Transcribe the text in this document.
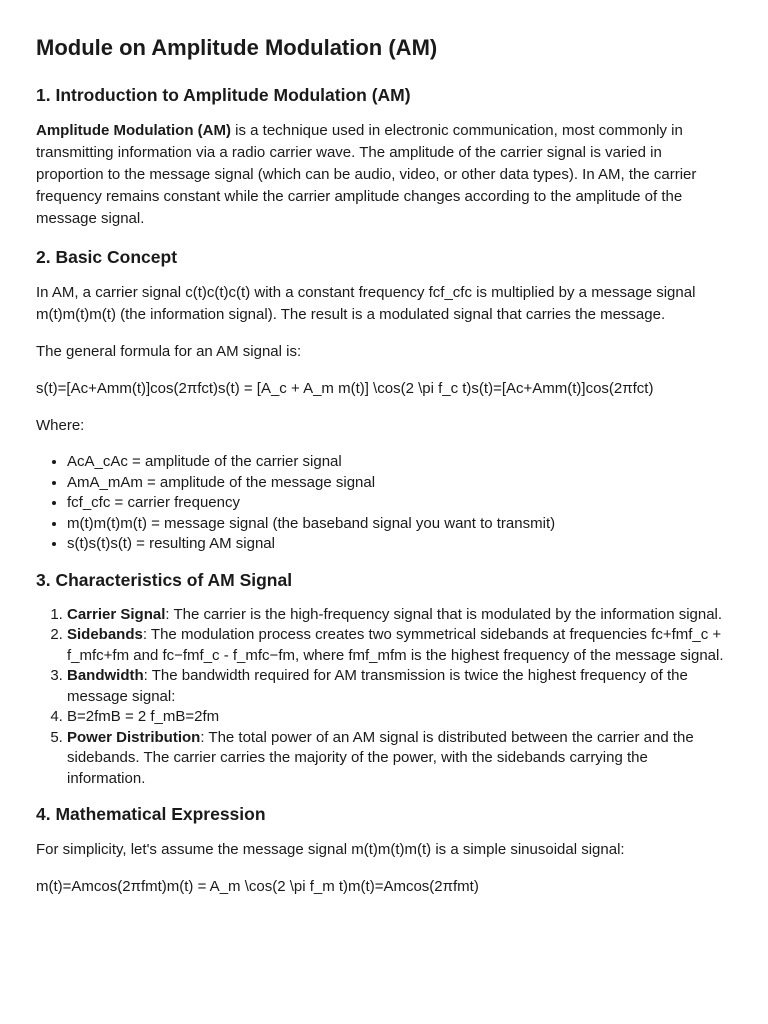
Module on Amplitude Modulation (AM)
1. Introduction to Amplitude Modulation (AM)

Amplitude Modulation (AM) is a technique used in electronic communication, most commonly in transmitting information via a radio carrier wave. The amplitude of the carrier signal is varied in proportion to the message signal (which can be audio, video, or other data types). In AM, the carrier frequency remains constant while the carrier amplitude changes according to the amplitude of the message signal.

2. Basic Concept

In AM, a carrier signal c(t)c(t)c(t) with a constant frequency fcf_cfc is multiplied by a message signal m(t)m(t)m(t) (the information signal). The result is a modulated signal that carries the message.

The general formula for an AM signal is:

s(t)=[Ac+Amm(t)]cos(2πfct)s(t) = [A_c + A_m m(t)] \cos(2 \pi f_c t)s(t)=[Ac+Amm(t)]cos(2πfct)

Where:

• AcA_cAc = amplitude of the carrier signal
• AmA_mAm = amplitude of the message signal
• fcf_cfc = carrier frequency
• m(t)m(t)m(t) = message signal (the baseband signal you want to transmit)
• s(t)s(t)s(t) = resulting AM signal
3. Characteristics of AM Signal
1. Carrier Signal: The carrier is the high-frequency signal that is modulated by the information signal.
2. Sidebands: The modulation process creates two symmetrical sidebands at frequencies fc+fmf_c + f_mfc+fm and fc−fmf_c - f_mfc−fm, where fmf_mfm is the highest frequency of the message signal.
3. Bandwidth: The bandwidth required for AM transmission is twice the highest frequency of the message signal:
4. B=2fmB = 2 f_mB=2fm
5. Power Distribution: The total power of an AM signal is distributed between the carrier and the sidebands. The carrier carries the majority of the power, with the sidebands carrying the information.
4. Mathematical Expression

For simplicity, let's assume the message signal m(t)m(t)m(t) is a simple sinusoidal signal:

m(t)=Amcos(2πfmt)m(t) = A_m \cos(2 \pi f_m t)m(t)=Amcos(2πfmt)
